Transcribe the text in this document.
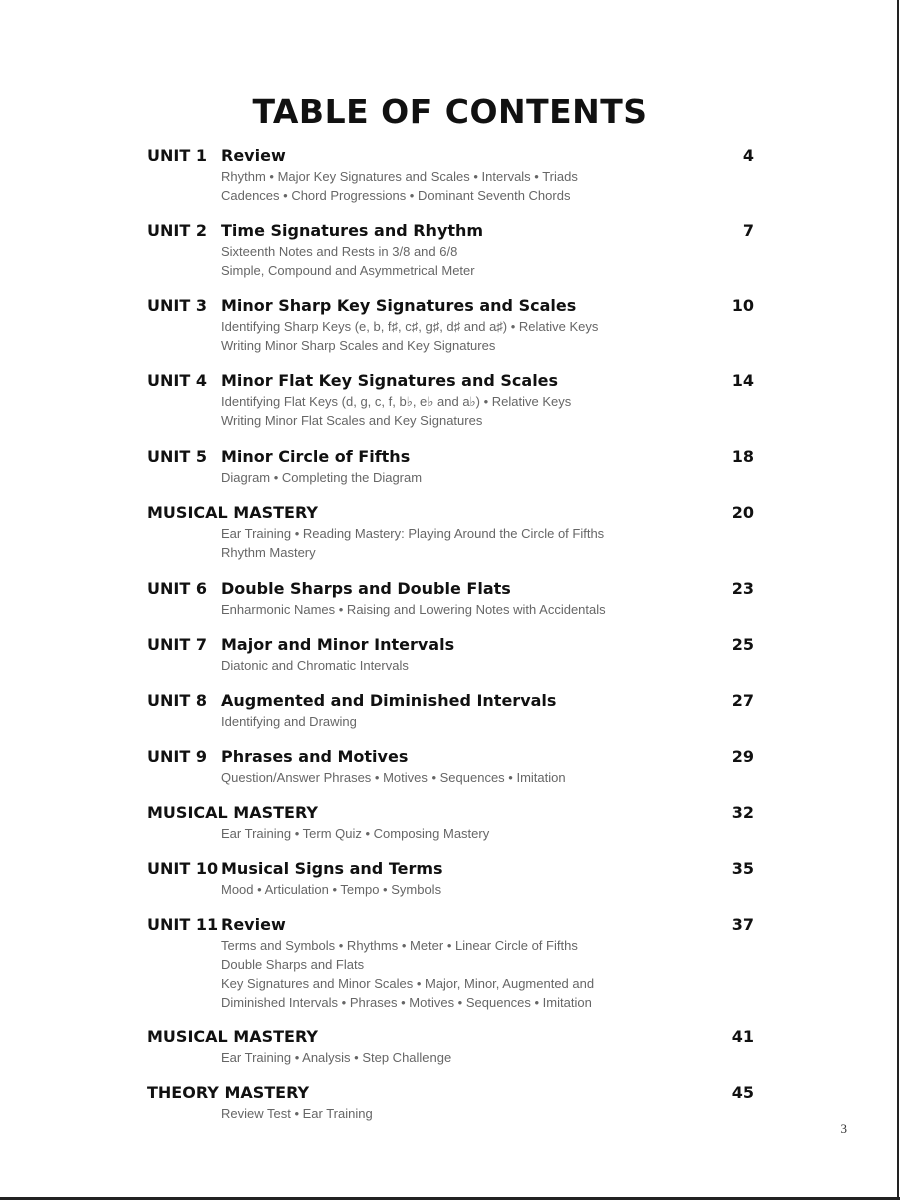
TABLE OF CONTENTS
UNIT 1 Review	4
Rhythm • Major Key Signatures and Scales • Intervals • Triads
Cadences • Chord Progressions • Dominant Seventh Chords
UNIT 2 Time Signatures and Rhythm	7
Sixteenth Notes and Rests in 3/8 and 6/8
Simple, Compound and Asymmetrical Meter
UNIT 3 Minor Sharp Key Signatures and Scales	10
Identifying Sharp Keys (e, b, f♯, c♯, g♯, d♯ and a♯) • Relative Keys
Writing Minor Sharp Scales and Key Signatures
UNIT 4 Minor Flat Key Signatures and Scales	14
Identifying Flat Keys (d, g, c, f, b♭, e♭ and a♭) • Relative Keys
Writing Minor Flat Scales and Key Signatures
UNIT 5 Minor Circle of Fifths	18
Diagram • Completing the Diagram
MUSICAL MASTERY	20
Ear Training • Reading Mastery: Playing Around the Circle of Fifths
Rhythm Mastery
UNIT 6 Double Sharps and Double Flats	23
Enharmonic Names • Raising and Lowering Notes with Accidentals
UNIT 7 Major and Minor Intervals	25
Diatonic and Chromatic Intervals
UNIT 8 Augmented and Diminished Intervals	27
Identifying and Drawing
UNIT 9 Phrases and Motives	29
Question/Answer Phrases • Motives • Sequences • Imitation
MUSICAL MASTERY	32
Ear Training • Term Quiz • Composing Mastery
UNIT 10 Musical Signs and Terms	35
Mood • Articulation • Tempo • Symbols
UNIT 11 Review	37
Terms and Symbols • Rhythms • Meter • Linear Circle of Fifths
Double Sharps and Flats
Key Signatures and Minor Scales • Major, Minor, Augmented and
Diminished Intervals • Phrases • Motives • Sequences • Imitation
MUSICAL MASTERY	41
Ear Training • Analysis • Step Challenge
THEORY MASTERY	45
Review Test • Ear Training
3
